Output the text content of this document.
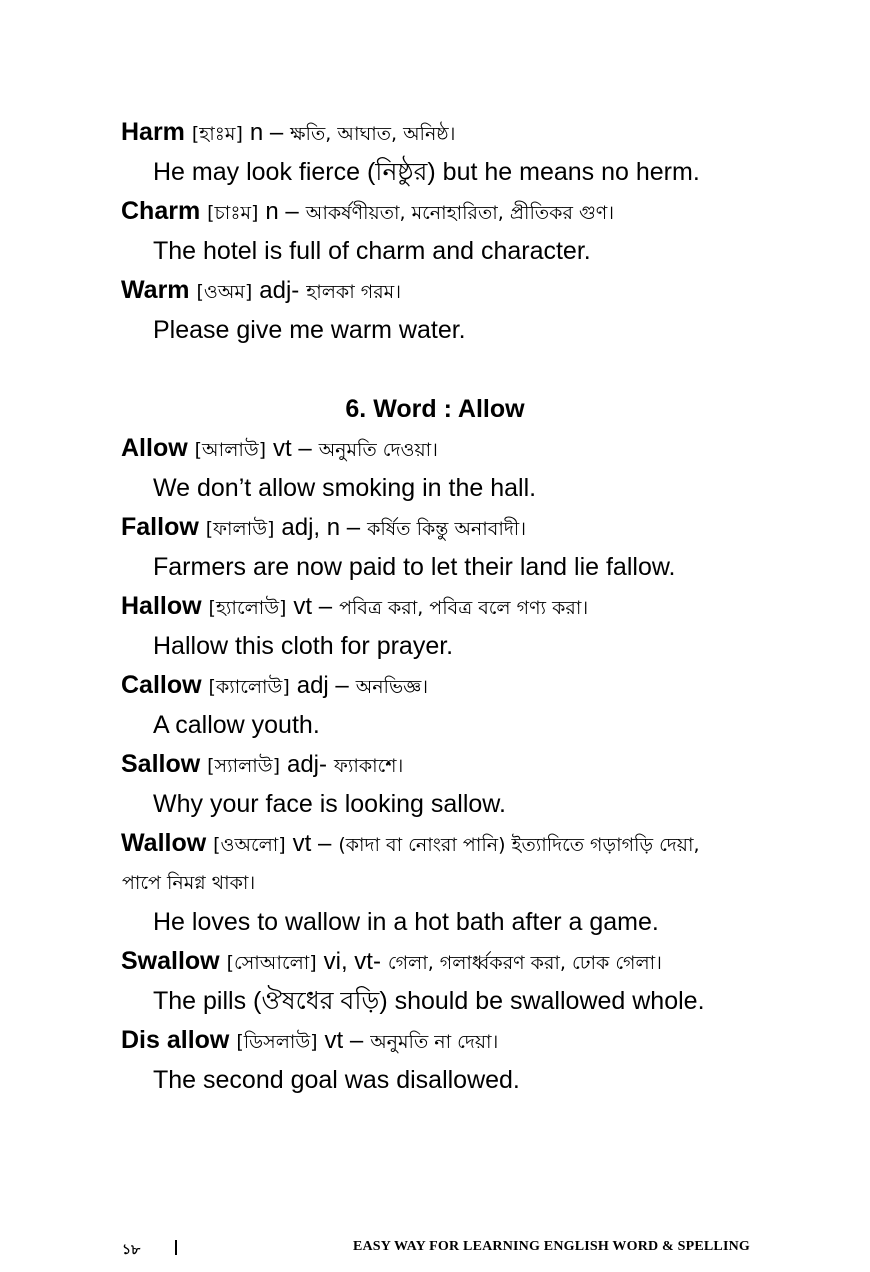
Harm [হাঃম] n – ক্ষতি, আঘাত, অনিষ্ঠ।
He may look fierce (নিষ্ঠুর) but he means no herm.
Charm [চাঃম] n – আকর্ষণীয়তা, মনোহারিতা, প্রীতিকর গুণ।
The hotel is full of charm and character.
Warm [ওঅম] adj- হালকা গরম।
Please give me warm water.
6. Word : Allow
Allow [আলাউ] vt – অনুমতি দেওয়া।
We don’t allow smoking in the hall.
Fallow [ফালাউ] adj, n – কর্ষিত কিন্তু অনাবাদী।
Farmers are now paid to let their land lie fallow.
Hallow [হ্যালোউ] vt – পবিত্র করা, পবিত্র বলে গণ্য করা।
Hallow this cloth for prayer.
Callow [ক্যালোউ] adj – অনভিজ্ঞ।
A callow youth.
Sallow [স্যালাউ] adj- ফ্যাকাশে।
Why your face is looking sallow.
Wallow [ওঅলো] vt – (কাদা বা নোংরা পানি) ইত্যাদিতে গড়াগড়ি দেয়া,
পাপে নিমগ্ন থাকা।
He loves to wallow in a hot bath after a game.
Swallow [সোআলো] vi, vt- গেলা, গলার্ধ্বকরণ করা, ঢোক গেলা।
The pills (ঔষধের বড়ি) should be swallowed whole.
Dis allow [ডিসলাউ] vt – অনুমতি না দেয়া।
The second goal was disallowed.
১৮	EASY WAY FOR LEARNING ENGLISH WORD & SPELLING
